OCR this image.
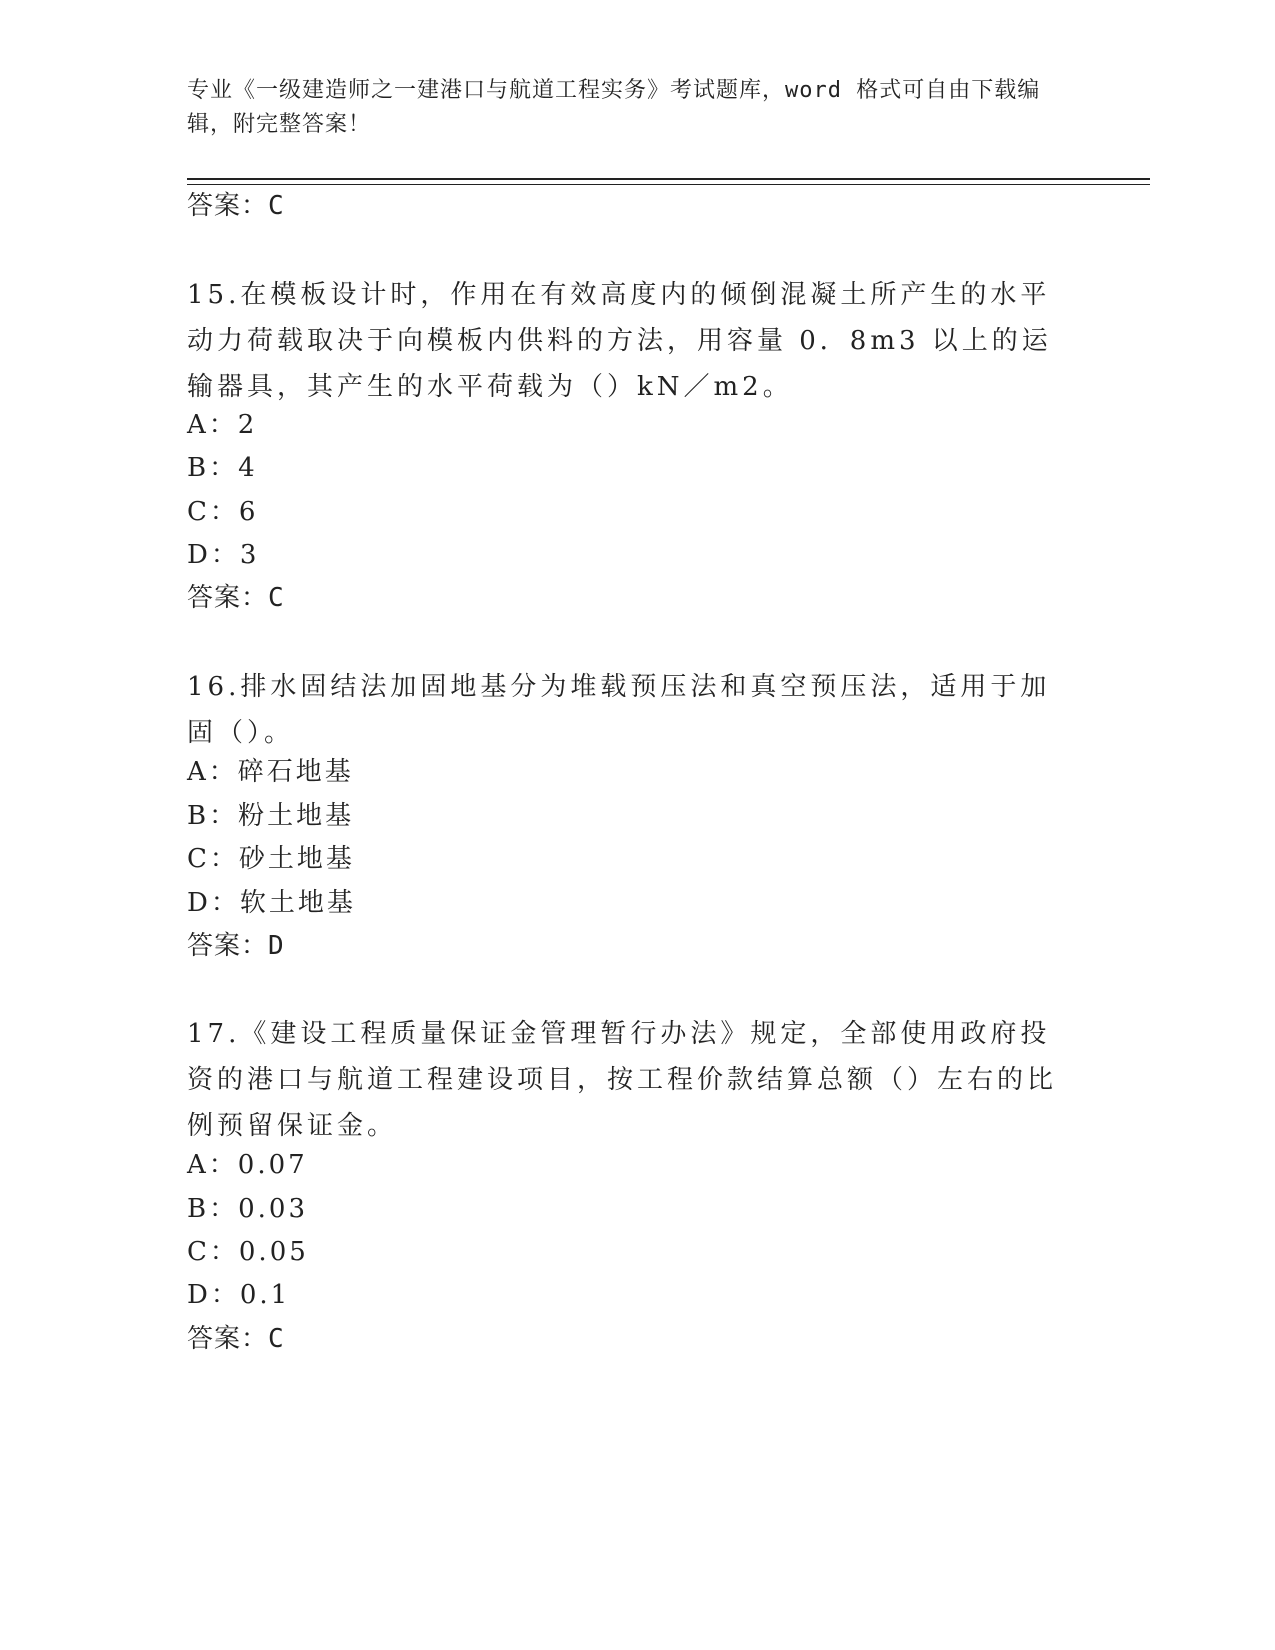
专业《一级建造师之一建港口与航道工程实务》考试题库，word 格式可自由下载编辑，附完整答案！
答案：C
15.在模板设计时，作用在有效高度内的倾倒混凝土所产生的水平动力荷载取决于向模板内供料的方法，用容量 0．8m3 以上的运输器具，其产生的水平荷载为（）kN／m2。
A：2
B：4
C：6
D：3
答案：C
16.排水固结法加固地基分为堆载预压法和真空预压法，适用于加固（）。
A：碎石地基
B：粉土地基
C：砂土地基
D：软土地基
答案：D
17.《建设工程质量保证金管理暂行办法》规定，全部使用政府投资的港口与航道工程建设项目，按工程价款结算总额（）左右的比例预留保证金。
A：0.07
B：0.03
C：0.05
D：0.1
答案：C
